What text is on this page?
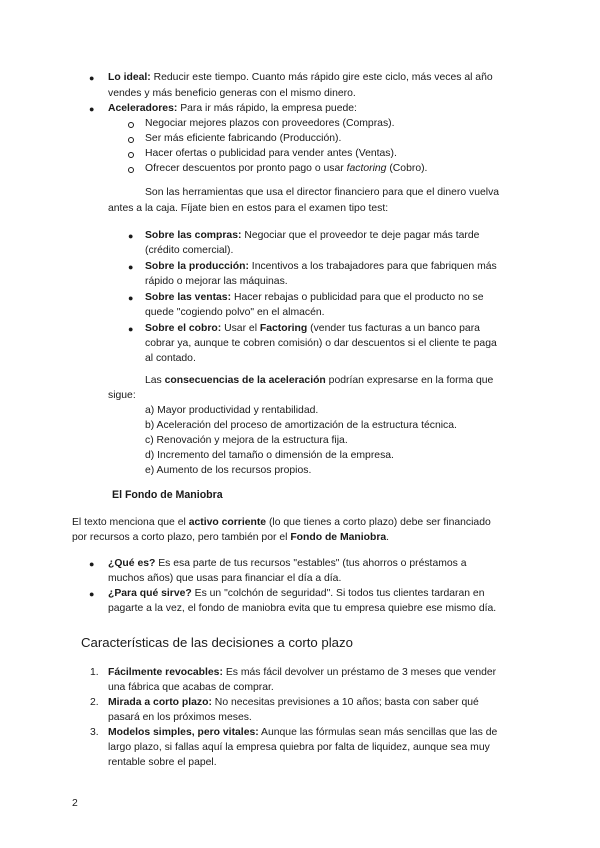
● Lo ideal: Reducir este tiempo. Cuanto más rápido gire este ciclo, más veces al año
vendes y más beneficio generas con el mismo dinero.
● Aceleradores: Para ir más rápido, la empresa puede:
Negociar mejores plazos con proveedores (Compras).
Ser más eficiente fabricando (Producción).
Hacer ofertas o publicidad para vender antes (Ventas).
Ofrecer descuentos por pronto pago o usar factoring (Cobro).
Son las herramientas que usa el director financiero para que el dinero vuelva
antes a la caja. Fíjate bien en estos para el examen tipo test:
● Sobre las compras: Negociar que el proveedor te deje pagar más tarde
(crédito comercial).
● Sobre la producción: Incentivos a los trabajadores para que fabriquen más
rápido o mejorar las máquinas.
● Sobre las ventas: Hacer rebajas o publicidad para que el producto no se
quede "cogiendo polvo" en el almacén.
● Sobre el cobro: Usar el Factoring (vender tus facturas a un banco para
cobrar ya, aunque te cobren comisión) o dar descuentos si el cliente te paga
al contado.
Las consecuencias de la aceleración podrían expresarse en la forma que
sigue:
a) Mayor productividad y rentabilidad.
b) Aceleración del proceso de amortización de la estructura técnica.
c) Renovación y mejora de la estructura fija.
d) Incremento del tamaño o dimensión de la empresa.
e) Aumento de los recursos propios.
El Fondo de Maniobra
El texto menciona que el activo corriente (lo que tienes a corto plazo) debe ser financiado
por recursos a corto plazo, pero también por el Fondo de Maniobra.
● ¿Qué es? Es esa parte de tus recursos "estables" (tus ahorros o préstamos a
muchos años) que usas para financiar el día a día.
● ¿Para qué sirve? Es un "colchón de seguridad". Si todos tus clientes tardaran en
pagarte a la vez, el fondo de maniobra evita que tu empresa quiebre ese mismo día.
Características de las decisiones a corto plazo
1. Fácilmente revocables: Es más fácil devolver un préstamo de 3 meses que vender
una fábrica que acabas de comprar.
2. Mirada a corto plazo: No necesitas previsiones a 10 años; basta con saber qué
pasará en los próximos meses.
3. Modelos simples, pero vitales: Aunque las fórmulas sean más sencillas que las de
largo plazo, si fallas aquí la empresa quiebra por falta de liquidez, aunque sea muy
rentable sobre el papel.
2
